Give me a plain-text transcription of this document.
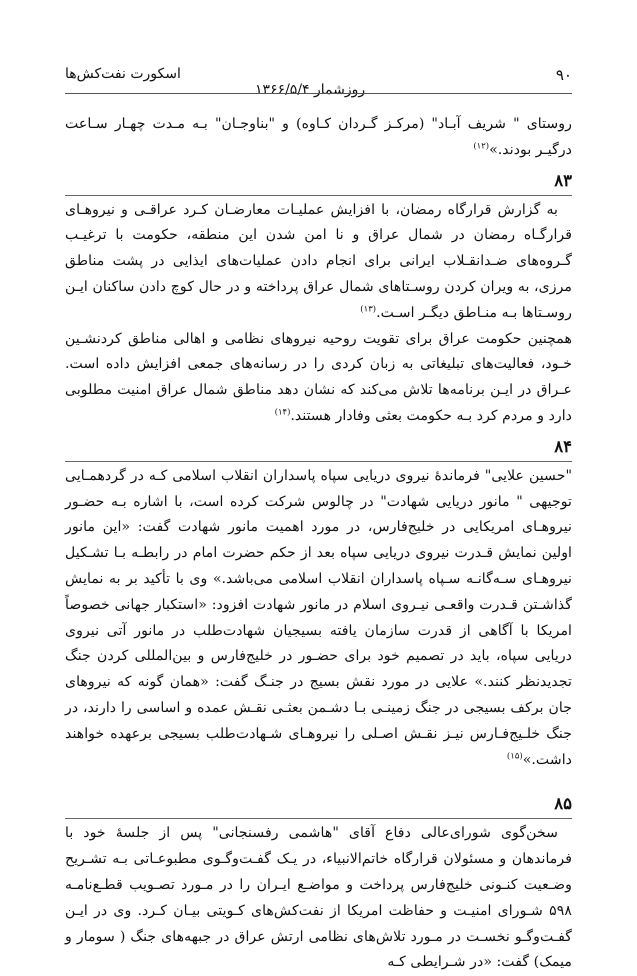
۹۰
اسکورت نفت‌کش‌ها
روزشمار ۱۳۶۶/۵/۴

روستای " شریف آبـاد" (مرکـز گـردان کـاوه) و "بناوجـان" بـه مـدت چهـار سـاعت درگیـر بودند.»$^{(۱۲)}$

۸۳

به گزارش قرارگاه رمضان، با افزایش عملیـات معارضـان کـرد عراقـی و نیروهـای قرارگـاه رمضان در شمال عراق و نا امن شدن این منطقه، حکومت با ترغیـب گـروه‌های ضـدانقـلاب ایرانی برای انجام دادن عملیات‌های ایذایی در پشت مناطق مرزی، به ویران کردن روسـتاهای شمال عراق پرداخته و در حال کوچ دادن ساکنان ایـن روسـتاها بـه منـاطق دیگـر اسـت.$^{(۱۳)}$

همچنین حکومت عراق برای تقویت روحیه نیروهای نظامی و اهالی مناطق کردنشـین خـود، فعالیت‌های تبلیغاتی به زبان کردی را در رسانه‌های جمعی افزایش داده است. عـراق در ایـن برنامه‌ها تلاش می‌کند که نشان دهد مناطق شمال عراق امنیت مطلوبی دارد و مردم کرد بـه حکومت بعثی وفادار هستند.$^{(۱۴)}$

۸۴

"حسین علایی" فرماندهٔ نیروی دریایی سپاه پاسداران انقلاب اسلامی کـه در گردهمـایی توجیهی " مانور دریایی شهادت" در چالوس شرکت کرده است، با اشاره بـه حضـور نیروهـای امریکایی در خلیج‌فارس، در مورد اهمیت مانور شهادت گفت: «این مانور اولین نمایش قـدرت نیروی دریایی سپاه بعد از حکم حضرت امام در رابطـه بـا تشـکیل نیروهـای سـه‌گانـه سـپاه پاسداران انقلاب اسلامی می‌باشد.» وی با تأکید بر به نمایش گذاشـتن قـدرت واقعـی نیـروی اسلام در مانور شهادت افزود: «استکبار جهانی خصوصاً امریکا با آگاهی از قدرت سازمان یافته بسیجیان شهادت‌طلب در مانور آتی نیروی دریایی سپاه، باید در تصمیم خود برای حضـور در خلیج‌فارس و بین‌المللی کردن جنگ تجدیدنظر کنند.» علایی در مورد نقش بسیج در جنـگ گفت: «همان گونه که نیروهای جان برکف بسیجی در جنگ زمینـی بـا دشـمن بعثـی نقـش عمده و اساسی را دارند، در جنگ خلـیج‌فـارس نیـز نقـش اصـلی را نیروهـای شـهادت‌طلب بسیجی برعهده خواهند داشت.»$^{(۱۵)}$

۸۵

سخن‌گوی شورای‌عالی دفاع آقای "هاشمی رفسنجانی" پس از جلسهٔ خود با فرماندهان و مسئولان قرارگاه خاتم‌الانبیاء، در یـک گفـت‌وگـوی مطبوعـاتی بـه تشـریح وضـعیت کنـونی خلیج‌فارس پرداخت و مواضـع ایـران را در مـورد تصـویب قطـع‌نامـه ۵۹۸ شـورای امنیـت و حفاظت امریکا از نفت‌کش‌های کـویتی بیـان کـرد. وی در ایـن گفـت‌وگـو نخسـت در مـورد تلاش‌های نظامی ارتش عراق در جبهه‌های جنگ ( سومار و میمک) گفت: «در شـرایطی کـه
